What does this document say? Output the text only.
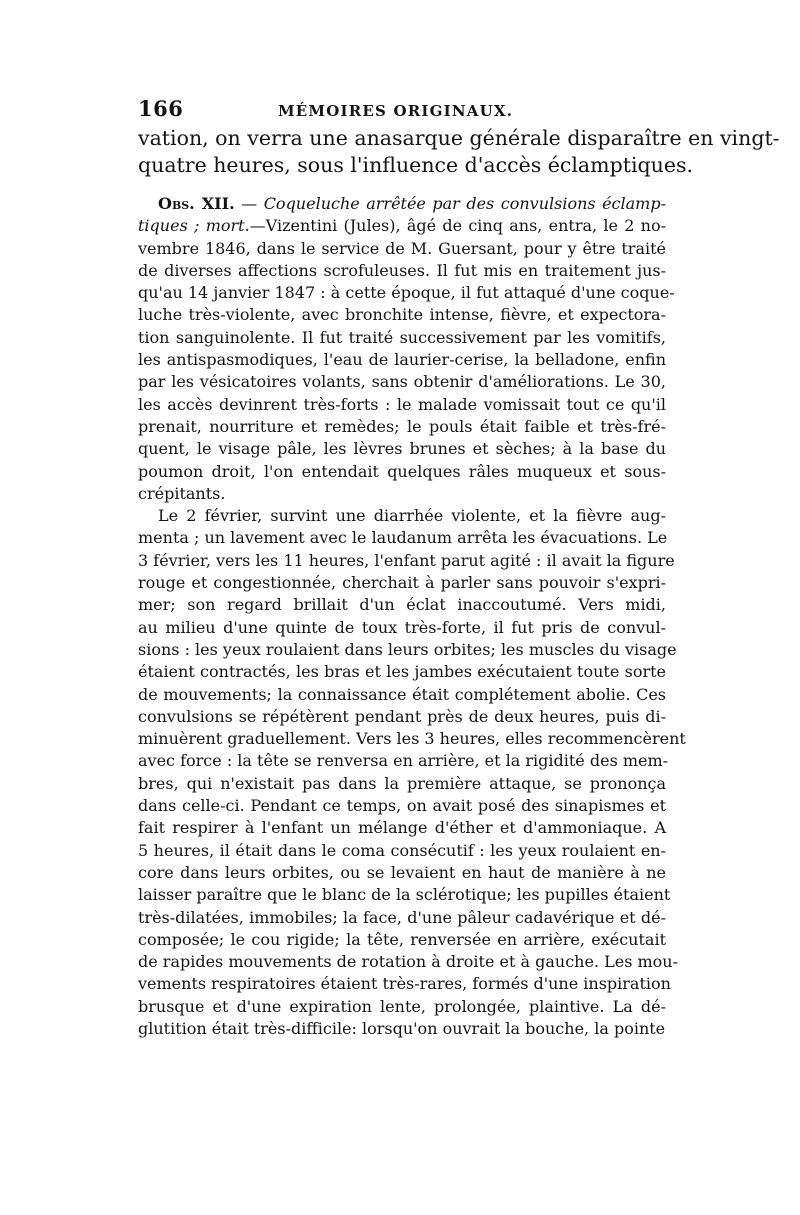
166	MÉMOIRES ORIGINAUX.
vation, on verra une anasarque générale disparaître en vingt-
quatre heures, sous l'influence d'accès éclamptiques.
Obs. XII. — Coqueluche arrêtée par des convulsions éclamp-
tiques ; mort.—Vizentini (Jules), âgé de cinq ans, entra, le 2 no-
vembre 1846, dans le service de M. Guersant, pour y être traité
de diverses affections scrofuleuses. Il fut mis en traitement jus-
qu'au 14 janvier 1847 : à cette époque, il fut attaqué d'une coque-
luche très-violente, avec bronchite intense, fièvre, et expectora-
tion sanguinolente. Il fut traité successivement par les vomitifs,
les antispasmodiques, l'eau de laurier-cerise, la belladone, enfin
par les vésicatoires volants, sans obtenir d'améliorations. Le 30,
les accès devinrent très-forts : le malade vomissait tout ce qu'il
prenait, nourriture et remèdes; le pouls était faible et très-fré-
quent, le visage pâle, les lèvres brunes et sèches; à la base du
poumon droit, l'on entendait quelques râles muqueux et sous-
crépitants.
Le 2 février, survint une diarrhée violente, et la fièvre aug-
menta ; un lavement avec le laudanum arrêta les évacuations. Le
3 février, vers les 11 heures, l'enfant parut agité : il avait la figure
rouge et congestionnée, cherchait à parler sans pouvoir s'expri-
mer; son regard brillait d'un éclat inaccoutumé. Vers midi,
au milieu d'une quinte de toux très-forte, il fut pris de convul-
sions : les yeux roulaient dans leurs orbites; les muscles du visage
étaient contractés, les bras et les jambes exécutaient toute sorte
de mouvements; la connaissance était complétement abolie. Ces
convulsions se répétèrent pendant près de deux heures, puis di-
minuèrent graduellement. Vers les 3 heures, elles recommencèrent
avec force : la tête se renversa en arrière, et la rigidité des mem-
bres, qui n'existait pas dans la première attaque, se prononça
dans celle-ci. Pendant ce temps, on avait posé des sinapismes et
fait respirer à l'enfant un mélange d'éther et d'ammoniaque. A
5 heures, il était dans le coma consécutif : les yeux roulaient en-
core dans leurs orbites, ou se levaient en haut de manière à ne
laisser paraître que le blanc de la sclérotique; les pupilles étaient
très-dilatées, immobiles; la face, d'une pâleur cadavérique et dé-
composée; le cou rigide; la tête, renversée en arrière, exécutait
de rapides mouvements de rotation à droite et à gauche. Les mou-
vements respiratoires étaient très-rares, formés d'une inspiration
brusque et d'une expiration lente, prolongée, plaintive. La dé-
glutition était très-difficile: lorsqu'on ouvrait la bouche, la pointe
